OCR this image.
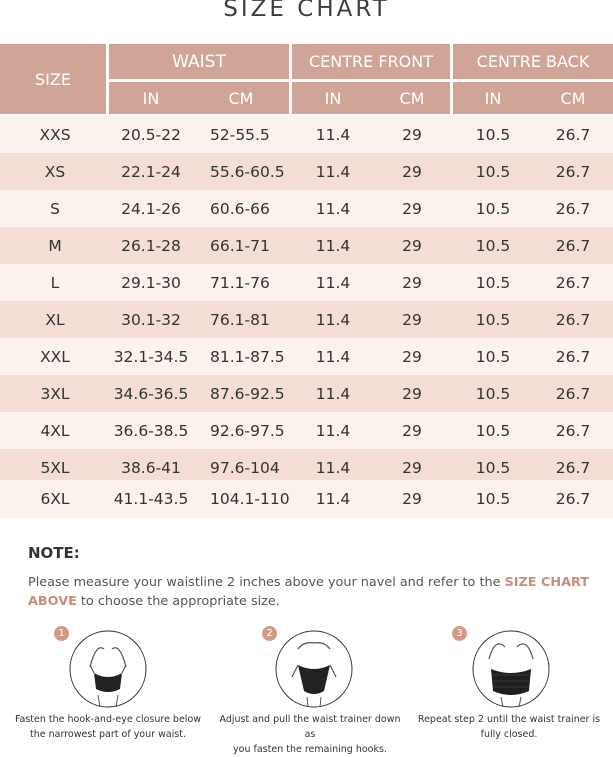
SIZE CHART
SIZE
WAIST	CENTRE FRONT	CENTRE BACK
IN	CM	IN	CM	IN	CM
XXS	20.5-22	52-55.5	11.4	29	10.5	26.7
XS	22.1-24	55.6-60.5	11.4	29	10.5	26.7
S	24.1-26	60.6-66	11.4	29	10.5	26.7
M	26.1-28	66.1-71	11.4	29	10.5	26.7
L	29.1-30	71.1-76	11.4	29	10.5	26.7
XL	30.1-32	76.1-81	11.4	29	10.5	26.7
XXL	32.1-34.5	81.1-87.5	11.4	29	10.5	26.7
3XL	34.6-36.5	87.6-92.5	11.4	29	10.5	26.7
4XL	36.6-38.5	92.6-97.5	11.4	29	10.5	26.7
5XL	38.6-41	97.6-104	11.4	29	10.5	26.7
6XL	41.1-43.5	104.1-110	11.4	29	10.5	26.7
NOTE:
Please measure your waistline 2 inches above your navel and refer to the SIZE CHART ABOVE to choose the appropriate size.
1
Fasten the hook-and-eye closure below
the narrowest part of your waist.
2
Adjust and pull the waist trainer down as
you fasten the remaining hooks.
3
Repeat step 2 until the waist trainer is
fully closed.
